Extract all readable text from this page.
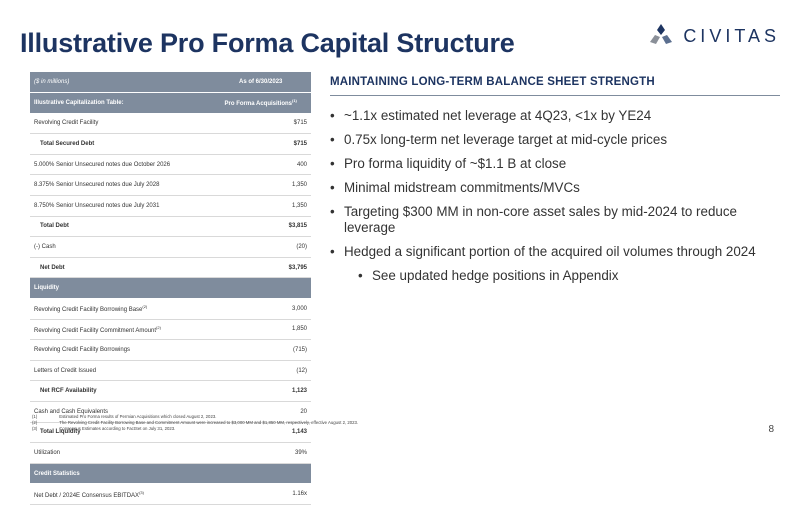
Illustrative Pro Forma Capital Structure	CIVITAS
($ in millions)	As of 6/30/2023
Illustrative Capitalization Table:	Pro Forma Acquisitions$^{(1)}$
Revolving Credit Facility	$715
Total Secured Debt	$715
5.000% Senior Unsecured notes due October 2026	400
8.375% Senior Unsecured notes due July 2028	1,350
8.750% Senior Unsecured notes due July 2031	1,350
Total Debt	$3,815
(-) Cash	(20)
Net Debt	$3,795
Liquidity	
Revolving Credit Facility Borrowing Base$^{(2)}$	3,000
Revolving Credit Facility Commitment Amount$^{(2)}$	1,850
Revolving Credit Facility Borrowings	(715)
Letters of Credit Issued	(12)
Net RCF Availability	1,123
Cash and Cash Equivalents	20
Total Liquidity	1,143
Utilization	39%
Credit Statistics	
Net Debt / 2024E Consensus EBITDAX$^{(3)}$	1.16x
(1)	Estimated Pro Forma results of Permian Acquisitions which closed August 2, 2023.
(2)	The Revolving Credit Facility Borrowing Base and Commitment Amount were increased to $3,000 MM and $1,850 MM, respectively, effective August 2, 2023.
(3)	Consensus Estimates according to FactSet on July 31, 2023.
MAINTAINING LONG-TERM BALANCE SHEET STRENGTH
• ~1.1x estimated net leverage at 4Q23, <1x by YE24
• 0.75x long-term net leverage target at mid-cycle prices
• Pro forma liquidity of ~$1.1 B at close
• Minimal midstream commitments/MVCs
• Targeting $300 MM in non-core asset sales by mid-2024 to reduce leverage
• Hedged a significant portion of the acquired oil volumes through 2024
• See updated hedge positions in Appendix
8
